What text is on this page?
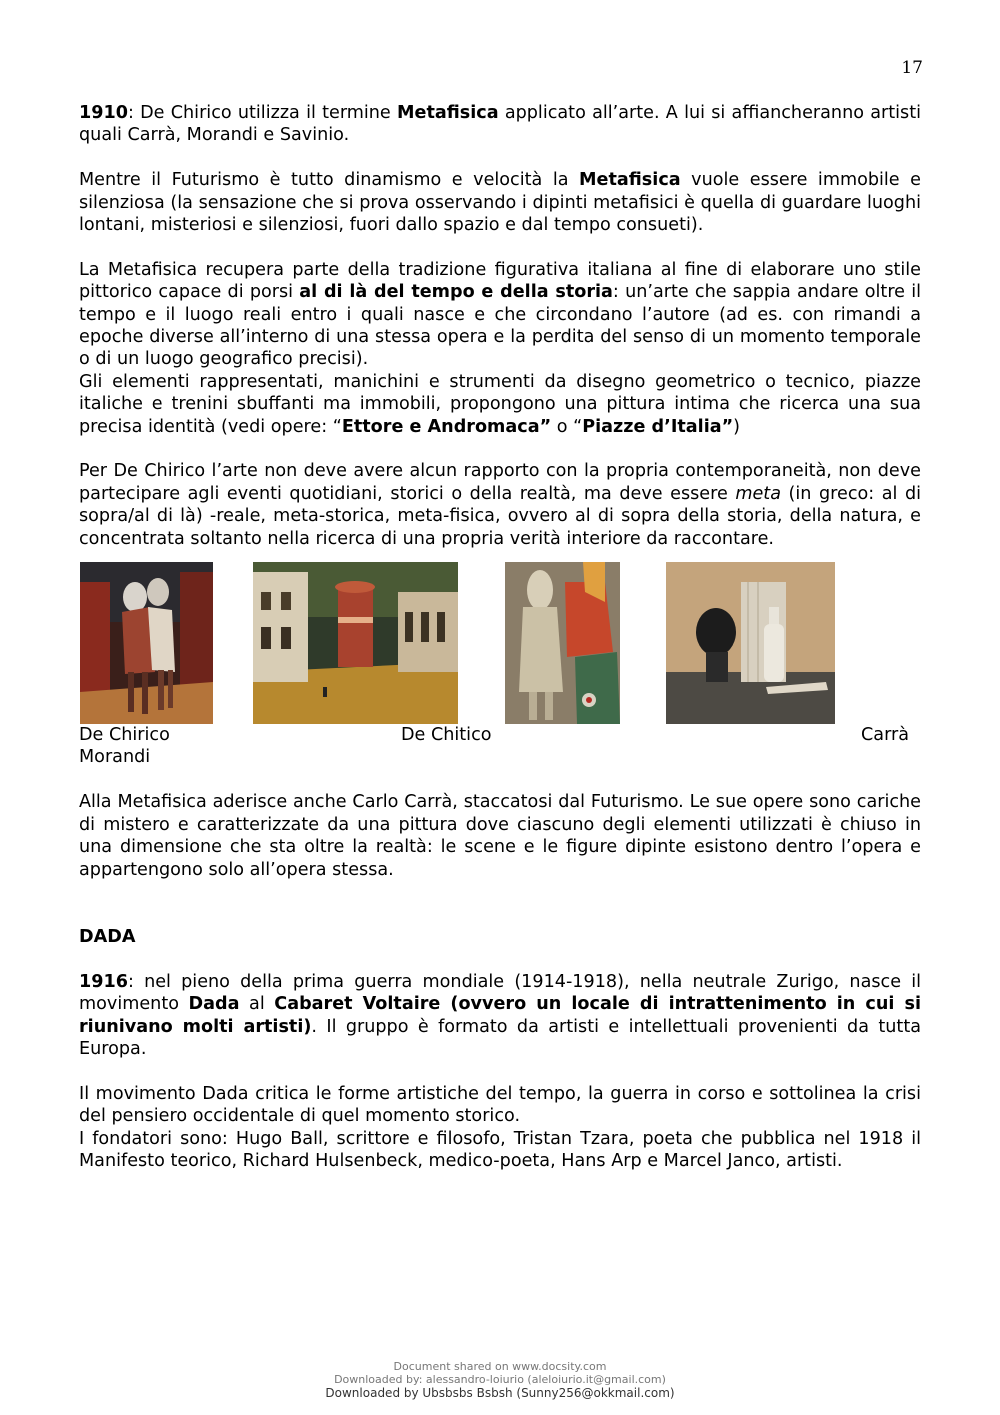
17

1910: De Chirico utilizza il termine Metafisica applicato all’arte. A lui si affiancheranno artisti quali Carrà, Morandi e Savinio.

Mentre il Futurismo è tutto dinamismo e velocità la Metafisica vuole essere immobile e silenziosa (la sensazione che si prova osservando i dipinti metafisici è quella di guardare luoghi lontani, misteriosi e silenziosi, fuori dallo spazio e dal tempo consueti).

La Metafisica recupera parte della tradizione figurativa italiana al fine di elaborare uno stile pittorico capace di porsi al di là del tempo e della storia: un’arte che sappia andare oltre il tempo e il luogo reali entro i quali nasce e che circondano l’autore (ad es. con rimandi a epoche diverse all’interno di una stessa opera e la perdita del senso di un momento temporale o di un luogo geografico precisi).

Gli elementi rappresentati, manichini e strumenti da disegno geometrico o tecnico, piazze italiche e trenini sbuffanti ma immobili, propongono una pittura intima che ricerca una sua precisa identità (vedi opere: “Ettore e Andromaca” o “Piazze d’Italia”)

Per De Chirico l’arte non deve avere alcun rapporto con la propria contemporaneità, non deve partecipare agli eventi quotidiani, storici o della realtà, ma deve essere meta (in greco: al di sopra/al di là) -reale, meta-storica, meta-fisica, ovvero al di sopra della storia, della natura, e concentrata soltanto nella ricerca di una propria verità interiore da raccontare.

De Chirico	De Chitico	Carrà
Morandi

Alla Metafisica aderisce anche Carlo Carrà, staccatosi dal Futurismo. Le sue opere sono cariche di mistero e caratterizzate da una pittura dove ciascuno degli elementi utilizzati è chiuso in una dimensione che sta oltre la realtà: le scene e le figure dipinte esistono dentro l’opera e appartengono solo all’opera stessa.

DADA

1916: nel pieno della prima guerra mondiale (1914-1918), nella neutrale Zurigo, nasce il movimento Dada al Cabaret Voltaire (ovvero un locale di intrattenimento in cui si riunivano molti artisti). Il gruppo è formato da artisti e intellettuali provenienti da tutta Europa.

Il movimento Dada critica le forme artistiche del tempo, la guerra in corso e sottolinea la crisi del pensiero occidentale di quel momento storico.

I fondatori sono: Hugo Ball, scrittore e filosofo, Tristan Tzara, poeta che pubblica nel 1918 il Manifesto teorico, Richard Hulsenbeck, medico-poeta, Hans Arp e Marcel Janco, artisti.

Document shared on www.docsity.com
Downloaded by: alessandro-loiurio (aleloiurio.it@gmail.com)
Downloaded by Ubsbsbs Bsbsh (Sunny256@okkmail.com)
